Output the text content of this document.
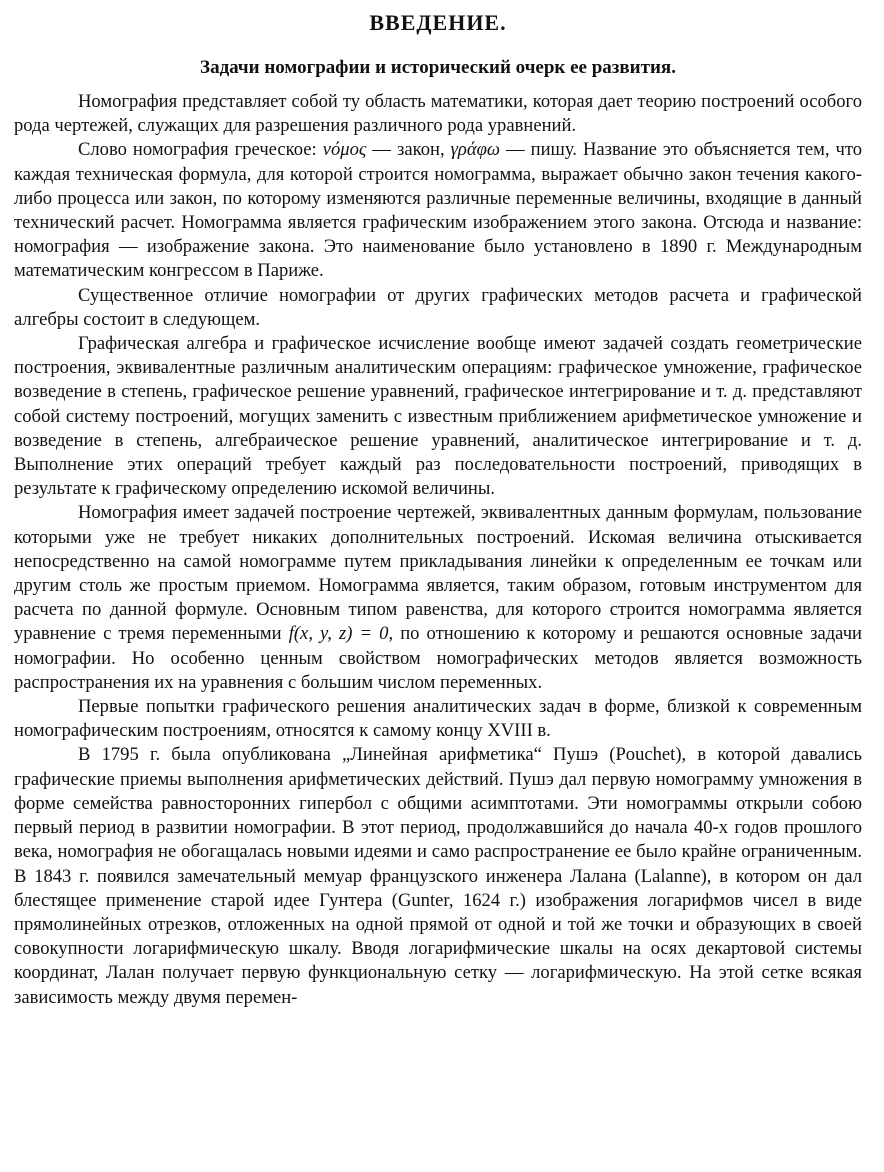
ВВЕДЕНИЕ.
Задачи номографии и исторический очерк ее развития.

Номография представляет собой ту область математики, которая дает теорию построений особого рода чертежей, служащих для разрешения различного рода уравнений.

Слово номография греческое: νόμος — закон, γράφω — пишу. Название это объясняется тем, что каждая техническая формула, для которой строится номограмма, выражает обычно закон течения какого-либо процесса или закон, по которому изменяются различные переменные величины, входящие в данный технический расчет. Номограмма является графическим изображением этого закона. Отсюда и название: номография — изображение закона. Это наименование было установлено в 1890 г. Международным математическим конгрессом в Париже.

Существенное отличие номографии от других графических методов расчета и графической алгебры состоит в следующем.

Графическая алгебра и графическое исчисление вообще имеют задачей создать геометрические построения, эквивалентные различным аналитическим операциям: графическое умножение, графическое возведение в степень, графическое решение уравнений, графическое интегрирование и т. д. представляют собой систему построений, могущих заменить с известным приближением арифметическое умножение и возведение в степень, алгебраическое решение уравнений, аналитическое интегрирование и т. д. Выполнение этих операций требует каждый раз последовательности построений, приводящих в результате к графическому определению искомой величины.

Номография имеет задачей построение чертежей, эквивалентных данным формулам, пользование которыми уже не требует никаких дополнительных построений. Искомая величина отыскивается непосредственно на самой номограмме путем прикладывания линейки к определенным ее точкам или другим столь же простым приемом. Номограмма является, таким образом, готовым инструментом для расчета по данной формуле. Основным типом равенства, для которого строится номограмма является уравнение с тремя переменными f(x, y, z) = 0, по отношению к которому и решаются основные задачи номографии. Но особенно ценным свойством номографических методов является возможность распространения их на уравнения с большим числом переменных.

Первые попытки графического решения аналитических задач в форме, близкой к современным номографическим построениям, относятся к самому концу XVIII в.

В 1795 г. была опубликована „Линейная арифметика“ Пушэ (Pouchet), в которой давались графические приемы выполнения арифметических действий. Пушэ дал первую номограмму умножения в форме семейства равносторонних гипербол с общими асимптотами. Эти номограммы открыли собою первый период в развитии номографии. В этот период, продолжавшийся до начала 40-х годов прошлого века, номография не обогащалась новыми идеями и само распространение ее было крайне ограниченным. В 1843 г. появился замечательный мемуар французского инженера Лалана (Lalanne), в котором он дал блестящее применение старой идее Гунтера (Gunter, 1624 г.) изображения логарифмов чисел в виде прямолинейных отрезков, отложенных на одной прямой от одной и той же точки и образующих в своей совокупности логарифмическую шкалу. Вводя логарифмические шкалы на осях декартовой системы координат, Лалан получает первую функциональную сетку — логарифмическую. На этой сетке всякая зависимость между двумя перемен-
